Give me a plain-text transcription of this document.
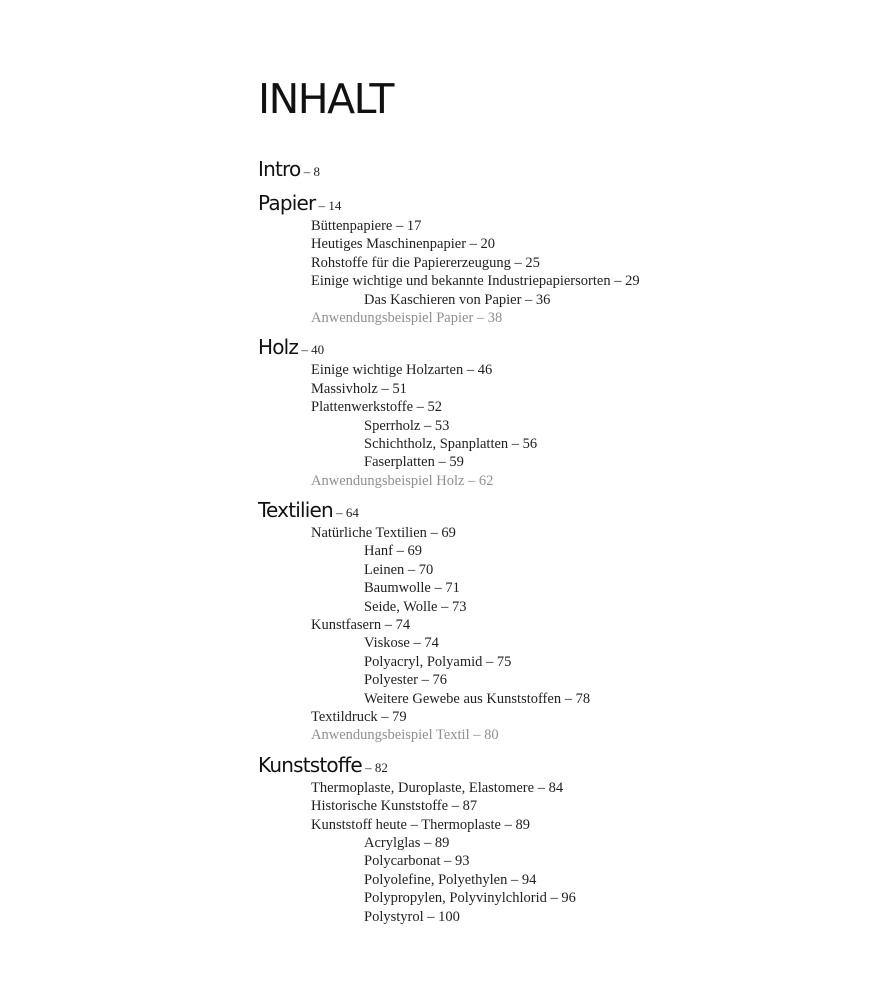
INHALT
Intro – 8
Papier – 14
Büttenpapiere – 17
Heutiges Maschinenpapier – 20
Rohstoffe für die Papiererzeugung – 25
Einige wichtige und bekannte Industriepapiersorten – 29
Das Kaschieren von Papier – 36
Anwendungsbeispiel Papier – 38
Holz – 40
Einige wichtige Holzarten – 46
Massivholz – 51
Plattenwerkstoffe – 52
Sperrholz – 53
Schichtholz, Spanplatten – 56
Faserplatten – 59
Anwendungsbeispiel Holz – 62
Textilien – 64
Natürliche Textilien – 69
Hanf – 69
Leinen – 70
Baumwolle – 71
Seide, Wolle – 73
Kunstfasern – 74
Viskose – 74
Polyacryl, Polyamid – 75
Polyester – 76
Weitere Gewebe aus Kunststoffen – 78
Textildruck – 79
Anwendungsbeispiel Textil – 80
Kunststoffe – 82
Thermoplaste, Duroplaste, Elastomere – 84
Historische Kunststoffe – 87
Kunststoff heute – Thermoplaste – 89
Acrylglas – 89
Polycarbonat – 93
Polyolefine, Polyethylen – 94
Polypropylen, Polyvinylchlorid – 96
Polystyrol – 100
